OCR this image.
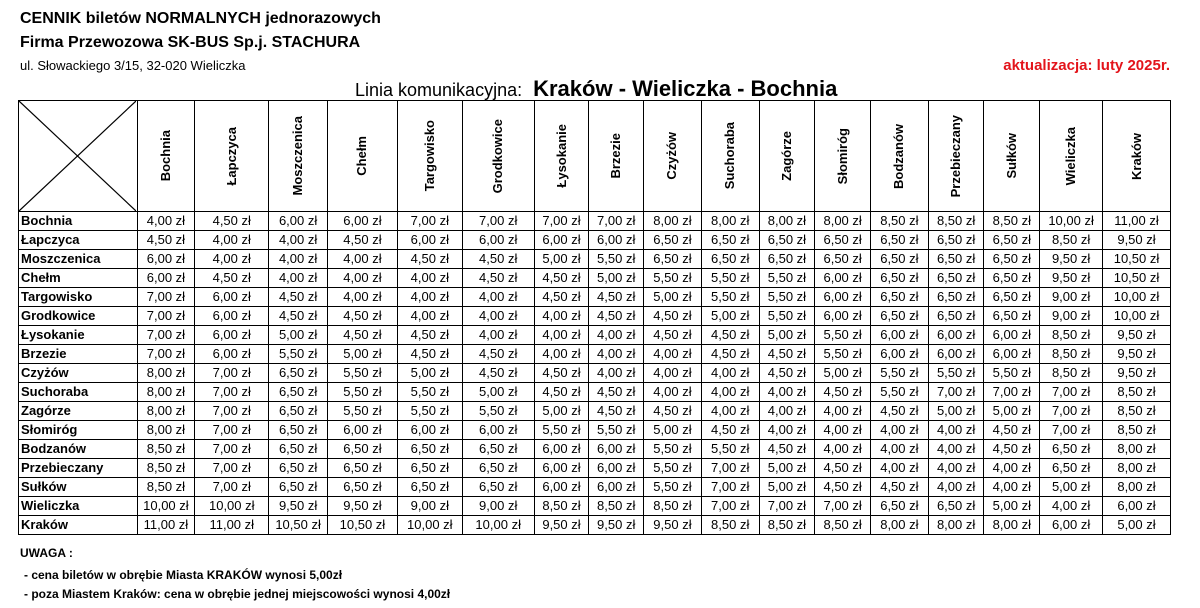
CENNIK biletów NORMALNYCH jednorazowych
Firma Przewozowa SK-BUS Sp.j. STACHURA
ul. Słowackiego 3/15, 32-020 Wieliczka	aktualizacja: luty 2025r.
Linia komunikacyjna: Kraków - Wieliczka - Bochnia

Bochnia	Łapczyca	Moszczenica	Chełm	Targowisko	Grodkowice	Łysokanie	Brzezie	Czyżów	Suchoraba	Zagórze	Słomiróg	Bodzanów	Przebieczany	Sułków	Wieliczka	Kraków

Bochnia	4,00 zł	4,50 zł	6,00 zł	6,00 zł	7,00 zł	7,00 zł	7,00 zł	7,00 zł	8,00 zł	8,00 zł	8,00 zł	8,00 zł	8,50 zł	8,50 zł	8,50 zł	10,00 zł	11,00 zł
Łapczyca	4,50 zł	4,00 zł	4,00 zł	4,50 zł	6,00 zł	6,00 zł	6,00 zł	6,00 zł	6,50 zł	6,50 zł	6,50 zł	6,50 zł	6,50 zł	6,50 zł	6,50 zł	8,50 zł	9,50 zł
Moszczenica	6,00 zł	4,00 zł	4,00 zł	4,00 zł	4,50 zł	4,50 zł	5,00 zł	5,50 zł	6,50 zł	6,50 zł	6,50 zł	6,50 zł	6,50 zł	6,50 zł	6,50 zł	9,50 zł	10,50 zł
Chełm	6,00 zł	4,50 zł	4,00 zł	4,00 zł	4,00 zł	4,50 zł	4,50 zł	5,00 zł	5,50 zł	5,50 zł	5,50 zł	6,00 zł	6,50 zł	6,50 zł	6,50 zł	9,50 zł	10,50 zł
Targowisko	7,00 zł	6,00 zł	4,50 zł	4,00 zł	4,00 zł	4,00 zł	4,50 zł	4,50 zł	5,00 zł	5,50 zł	5,50 zł	6,00 zł	6,50 zł	6,50 zł	6,50 zł	9,00 zł	10,00 zł
Grodkowice	7,00 zł	6,00 zł	4,50 zł	4,50 zł	4,00 zł	4,00 zł	4,00 zł	4,50 zł	4,50 zł	5,00 zł	5,50 zł	6,00 zł	6,50 zł	6,50 zł	6,50 zł	9,00 zł	10,00 zł
Łysokanie	7,00 zł	6,00 zł	5,00 zł	4,50 zł	4,50 zł	4,00 zł	4,00 zł	4,00 zł	4,50 zł	4,50 zł	5,00 zł	5,50 zł	6,00 zł	6,00 zł	6,00 zł	8,50 zł	9,50 zł
Brzezie	7,00 zł	6,00 zł	5,50 zł	5,00 zł	4,50 zł	4,50 zł	4,00 zł	4,00 zł	4,00 zł	4,50 zł	4,50 zł	5,50 zł	6,00 zł	6,00 zł	6,00 zł	8,50 zł	9,50 zł
Czyżów	8,00 zł	7,00 zł	6,50 zł	5,50 zł	5,00 zł	4,50 zł	4,50 zł	4,00 zł	4,00 zł	4,00 zł	4,50 zł	5,00 zł	5,50 zł	5,50 zł	5,50 zł	8,50 zł	9,50 zł
Suchoraba	8,00 zł	7,00 zł	6,50 zł	5,50 zł	5,50 zł	5,00 zł	4,50 zł	4,50 zł	4,00 zł	4,00 zł	4,00 zł	4,50 zł	5,50 zł	7,00 zł	7,00 zł	7,00 zł	8,50 zł
Zagórze	8,00 zł	7,00 zł	6,50 zł	5,50 zł	5,50 zł	5,50 zł	5,00 zł	4,50 zł	4,50 zł	4,00 zł	4,00 zł	4,00 zł	4,50 zł	5,00 zł	5,00 zł	7,00 zł	8,50 zł
Słomiróg	8,00 zł	7,00 zł	6,50 zł	6,00 zł	6,00 zł	6,00 zł	5,50 zł	5,50 zł	5,00 zł	4,50 zł	4,00 zł	4,00 zł	4,00 zł	4,00 zł	4,50 zł	7,00 zł	8,50 zł
Bodzanów	8,50 zł	7,00 zł	6,50 zł	6,50 zł	6,50 zł	6,50 zł	6,00 zł	6,00 zł	5,50 zł	5,50 zł	4,50 zł	4,00 zł	4,00 zł	4,00 zł	4,50 zł	6,50 zł	8,00 zł
Przebieczany	8,50 zł	7,00 zł	6,50 zł	6,50 zł	6,50 zł	6,50 zł	6,00 zł	6,00 zł	5,50 zł	7,00 zł	5,00 zł	4,50 zł	4,00 zł	4,00 zł	4,00 zł	6,50 zł	8,00 zł
Sułków	8,50 zł	7,00 zł	6,50 zł	6,50 zł	6,50 zł	6,50 zł	6,00 zł	6,00 zł	5,50 zł	7,00 zł	5,00 zł	4,50 zł	4,50 zł	4,00 zł	4,00 zł	5,00 zł	8,00 zł
Wieliczka	10,00 zł	10,00 zł	9,50 zł	9,50 zł	9,00 zł	9,00 zł	8,50 zł	8,50 zł	8,50 zł	7,00 zł	7,00 zł	7,00 zł	6,50 zł	6,50 zł	5,00 zł	4,00 zł	6,00 zł
Kraków	11,00 zł	11,00 zł	10,50 zł	10,50 zł	10,00 zł	10,00 zł	9,50 zł	9,50 zł	9,50 zł	8,50 zł	8,50 zł	8,50 zł	8,00 zł	8,00 zł	8,00 zł	6,00 zł	5,00 zł
UWAGA :
- cena biletów w obrębie Miasta KRAKÓW wynosi 5,00zł
- poza Miastem Kraków: cena w obrębie jednej miejscowości wynosi 4,00zł
